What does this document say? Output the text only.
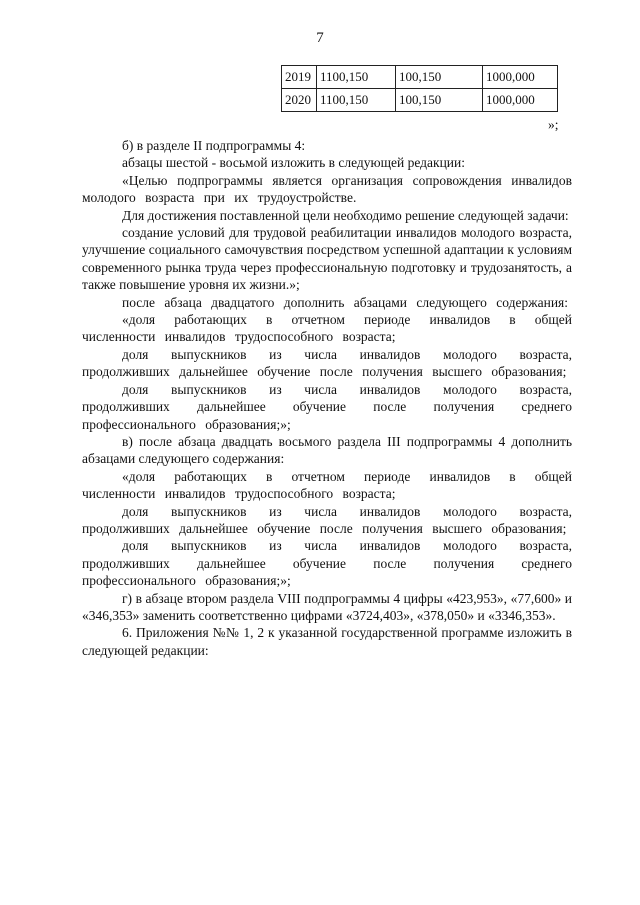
7
2019	1100,150	100,150	1000,000
2020	1100,150	100,150	1000,000
»;

б) в разделе II подпрограммы 4:

абзацы шестой - восьмой изложить в следующей редакции:

«Целью подпрограммы является организация сопровождения инвалидов молодого возраста при их трудоустройстве.

Для достижения поставленной цели необходимо решение следующей задачи:

создание условий для трудовой реабилитации инвалидов молодого возраста, улучшение социального самочувствия посредством успешной адаптации к условиям современного рынка труда через профессиональную подготовку и трудозанятость, а также повышение уровня их жизни.»;

после абзаца двадцатого дополнить абзацами следующего содержания:

«доля работающих в отчетном периоде инвалидов в общей численности инвалидов трудоспособного возраста;

доля выпускников из числа инвалидов молодого возраста, продолживших дальнейшее обучение после получения высшего образования;

доля выпускников из числа инвалидов молодого возраста, продолживших дальнейшее обучение после получения среднего профессионального образования;»;

в) после абзаца двадцать восьмого раздела III подпрограммы 4 дополнить абзацами следующего содержания:

«доля работающих в отчетном периоде инвалидов в общей численности инвалидов трудоспособного возраста;

доля выпускников из числа инвалидов молодого возраста, продолживших дальнейшее обучение после получения высшего образования;

доля выпускников из числа инвалидов молодого возраста, продолживших дальнейшее обучение после получения среднего профессионального образования;»;

г) в абзаце втором раздела VIII подпрограммы 4 цифры «423,953», «77,600» и «346,353» заменить соответственно цифрами «3724,403», «378,050» и «3346,353».

6. Приложения №№ 1, 2 к указанной государственной программе изложить в следующей редакции:
